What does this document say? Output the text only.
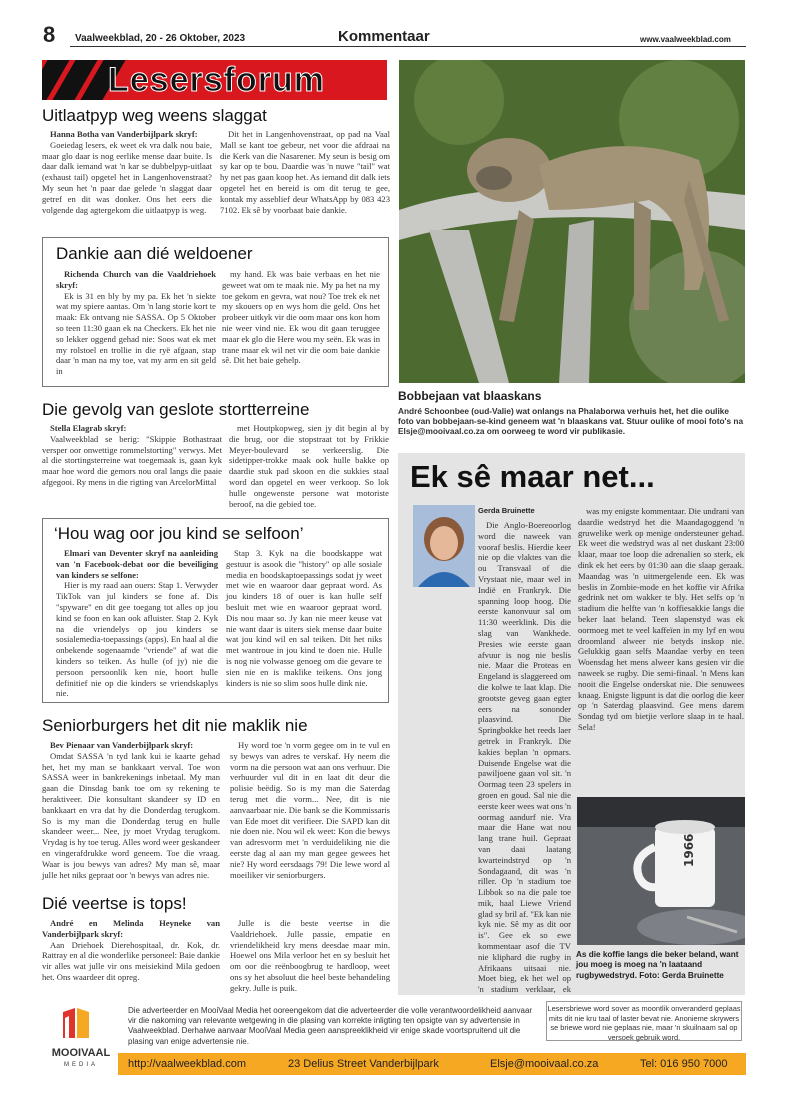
8 Vaalweekblad, 20 - 26 Oktober, 2023	Kommentaar	www.vaalweekblad.com
Lesersforum
Uitlaatpyp weg weens slaggat

Hanna Botha van Vanderbijlpark skryf:

Goeiedag lesers, ek weet ek vra dalk nou baie, maar glo daar is nog eerlike mense daar buite. Is daar dalk iemand wat 'n kar se dubbelpyp-uitlaat (exhaust tail) opgetel het in Langenhovenstraat? My seun het 'n paar dae gelede 'n slaggat daar getref en dit was donker. Ons het eers die volgende dag agtergekom die uitlaatpyp is weg.

Dit het in Langenhovenstraat, op pad na Vaal Mall se kant toe gebeur, net voor die afdraai na die Kerk van die Nasarener. My seun is besig om sy kar op te bou. Daardie was 'n nuwe "tail" wat hy net pas gaan koop het. As iemand dit dalk iets opgetel het en bereid is om dit terug te gee, kontak my asseblief deur WhatsApp by 083 423 7102. Ek sê by voorbaat baie dankie.

Dankie aan dié weldoener

Richenda Church van die Vaaldriehoek skryf:

Ek is 31 en bly by my pa. Ek het 'n siekte wat my spiere aantas. Om 'n lang storie kort te maak: Ek ontvang nie SASSA. Op 5 Oktober so teen 11:30 gaan ek na Checkers. Ek het nie so lekker oggend gehad nie: Soos wat ek met my rolstoel en trollie in die ryë afgaan, stap daar 'n man na my toe, vat my arm en sit geld in

my hand. Ek was baie verbaas en het nie geweet wat om te maak nie. My pa het na my toe gekom en gevra, wat nou? Toe trek ek net my skouers op en wys hom die geld. Ons het probeer uitkyk vir die oom maar ons kon hom nie weer vind nie. Ek wou dit gaan teruggee maar ek glo die Here wou my seën. Ek was in trane maar ek wil net vir die oom baie dankie sê. Dit het baie gehelp.

Die gevolg van geslote stortterreine

Stella Elagrab skryf:

Vaalweekblad se berig: "Skippie Bothastraat versper oor onwettige rommelstorting" verwys. Met al die stortingsterreine wat toegemaak is, gaan kyk maar hoe word die gemors nou oral langs die paaie afgegooi. Ry mens in die rigting van ArcelorMittal

met Houtpkopweg, sien jy dit begin al by die brug, oor die stopstraat tot by Frikkie Meyer-boulevard se verkeerslig. Die sidetipper-trokke maak ook hulle bakke op daardie stuk pad skoon en die sukkies staal word dan opgetel en weer verkoop. So lok hulle ongewenste persone wat motoriste beroof, na die gebied toe.

‘Hou wag oor jou kind se selfoon’

Elmari van Deventer skryf na aanleiding van 'n Facebook-debat oor die beveiliging van kinders se selfone:

Hier is my raad aan ouers: Stap 1. Verwyder TikTok van jul kinders se fone af. Dis "spyware" en dit gee toegang tot alles op jou kind se foon en kan ook afluister. Stap 2. Kyk na die vriendelys op jou kinders se sosialemedia-toepassings (apps). En haal al die onbekende sogenaamde "vriende" af wat die kinders so teiken. As hulle (of jy) nie die persoon persoonlik ken nie, hoort hulle definitief nie op die kinders se vriendskaplys nie.

Stap 3. Kyk na die boodskappe wat gestuur is asook die "history" op alle sosiale media en boodskaptoepassings sodat jy weet met wie en waaroor daar gepraat word. As jou kinders 18 of ouer is kan hulle self besluit met wie en waaroor gepraat word. Dis nou maar so. Jy kan nie meer keuse vat nie want daar is uiters siek mense daar buite wat jou kind wil en sal teiken. Dit het niks met wantroue in jou kind te doen nie. Hulle is nog nie volwasse genoeg om die gevare te sien nie en is maklike teikens. Ons jong kinders is nie so slim soos hulle dink nie.

Seniorburgers het dit nie maklik nie

Bev Pienaar van Vanderbijlpark skryf:

Omdat SASSA 'n tyd lank kui ie kaarte gehad het, het my man se bankkaart verval. Toe won SASSA weer in bankrekenings inbetaal. My man gaan die Dinsdag bank toe om sy rekening te heraktiveer. Die konsultant skandeer sy ID en bankkaart en vra dat hy die Donderdag terugkom. So is my man die Donderdag terug en hulle skandeer weer... Nee, jy moet Vrydag terugkom. Vrydag is hy toe terug. Alles word weer geskandeer en vingerafdrukke word geneem. Toe die vraag. Waar is jou bewys van adres? My man sê, maar julle het niks gepraat oor 'n bewys van adres nie.

Hy word toe 'n vorm gegee om in te vul en sy bewys van adres te verskaf. Hy neem die vorm na die persoon wat aan ons verhuur. Die verhuurder vul dit in en laat dit deur die polisie beëdig. So is my man die Saterdag terug met die vorm... Nee, dit is nie aanvaarbaar nie. Die bank se die Kommissaris van Ede moet dit verifieer. Die SAPD kan dit nie doen nie. Nou wil ek weet: Kon die bewys van adresvorm met 'n verduideliking nie die eerste dag al aan my man gegee gewees het nie? Hy word eersdaags 79! Die lewe word al moeiliker vir seniorburgers.

Dié veertse is tops!

André en Melinda Heyneke van Vanderbijlpark skryf:

Aan Driehoek Dierehospitaal, dr. Kok, dr. Rattray en al die wonderlike personeel: Baie dankie vir alles wat julle vir ons meisiekind Mila gedoen het. Ons waardeer dit opreg.

Julle is die beste veertse in die Vaaldriehoek. Julle passie, empatie en vriendelikheid kry mens deesdae maar min. Hoewel ons Mila verloor het en sy besluit het om oor die reënboogbrug te hardloop, weet ons sy het absoluut die heel beste behandeling gekry. Julle is puik.

Bobbejaan vat blaaskans
André Schoonbee (oud-Valie) wat onlangs na Phalaborwa verhuis het, het die oulike foto van bobbejaan-se-kind geneem wat 'n blaaskans vat. Stuur oulike of mooi foto's na Elsje@mooivaal.co.za om oorweeg te word vir publikasie.
Ek sê maar net...
Gerda Bruinette

Die Anglo-Boereoorlog word die naweek van vooraf beslis. Hierdie keer nie op die vlaktes van die ou Transvaal of die Vrystaat nie, maar wel in Indië en Frankryk. Die spanning loop hoog. Die eerste kanonvuur sal om 11:30 weerklink. Dis die slag van Wankhede. Presies wie eerste gaan afvuur is nog nie beslis nie. Maar die Proteas en Engeland is slaggereed om die kolwe te laat klap. Die grootste geveg gaan egter eers na sononder plaasvind. Die Springbokke het reeds laer getrek in Frankryk. Die kakies beplan 'n opmars. Duisende Engelse wat die pawiljoene gaan vol sit. 'n Oormag teen 23 spelers in groen en goud. Sal nie die eerste keer wees wat ons 'n oormag aandurf nie. Vra maar die Hane wat nou lang trane huil. Gepraat van daai laatang kwarteindstryd op 'n Sondagaand, dit was 'n riller. Op 'n stadium toe Libbok so na die pale toe mik, haal Liewe Vriend glad sy bril af. "Ek kan nie kyk nie. Sê my as dit oor is". Gee ek so ewe kommentaar asof die TV nie kliphard die rugby in Afrikaans uitsaai nie. Moet bieg, ek het wel op 'n stadium verklaar, ek

was my enigste kommentaar. Die undrani van daardie wedstryd het die Maandagoggend 'n gruwelike werk op menige ondersteuner gehad. Ek weet die wedstryd was al net duskant 23:00 klaar, maar toe loop die adrenalien so sterk, ek dink ek het eers by 01:30 aan die slaap geraak. Maandag was 'n uitmergelende een. Ek was beslis in Zombie-mode en het koffie vir Afrika gedrink net om wakker te bly. Het selfs op 'n stadium die helfte van 'n koffiesakkie langs die beker laat beland. Teen slapenstyd was ek oormoeg met te veel kaffeïen in my lyf en wou droomland alweer nie betyds inskop nie. Gelukkig gaan selfs Maandae verby en teen Woensdag het mens alweer kans gesien vir die naweek se rugby. Die semi-finaal. 'n Mens kan nooit die Engelse onderskat nie. Die senuwees knaag. Enigste ligpunt is dat die oorlog die keer op 'n Saterdag plaasvind. Gee mens darem Sondag tyd om bietjie verlore slaap in te haal. Sela!

1966
As die koffie langs die beker beland, want jou moeg is moeg na 'n laataand rugbywedstryd. Foto: Gerda Bruinette
MOOIVAAL
MEDIA
Die adverteerder en MooiVaal Media het ooreengekom dat die adverteerder die volle verantwoordelikheid aanvaar vir die nakoming van relevante wetgewing in die plasing van korrekte inligting ten opsigte van sy advertensie in Vaalweekblad. Derhalwe aanvaar MooiVaal Media geen aanspreeklikheid vir enige skade voortspruitend uit die plasing van enige advertensie nie.
Lesersbriewe word sover as moontlik onveranderd geplaas mits dit nie kru taal of laster bevat nie. Anonieme skrywers se briewe word nie geplaas nie, maar 'n skuilnaam sal op versoek gebruik word.
http://vaalweekblad.com	23 Delius Street Vanderbijlpark	Elsje@mooivaal.co.za	Tel: 016 950 7000
